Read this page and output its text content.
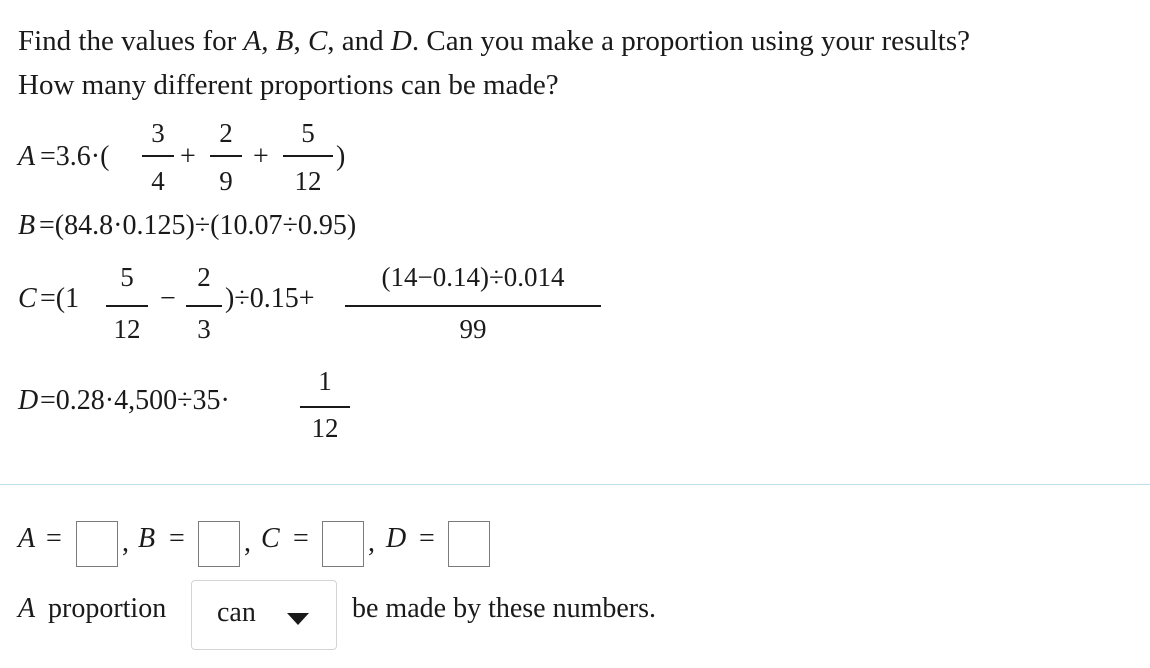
Find the values for A, B, C, and D. Can you make a proportion using your results?
How many different proportions can be made?
A =3.6·(
3
4
+
2
9
+
5
12
)
B =(84.8·0.125)÷(10.07÷0.95)
C =(1
5
12
−
2
3
)÷0.15+
(14−0.14)÷0.014
99
D =0.28·4,500÷35·
1
12
A = , B = , C = , D =
A proportion can	be made by these numbers.
